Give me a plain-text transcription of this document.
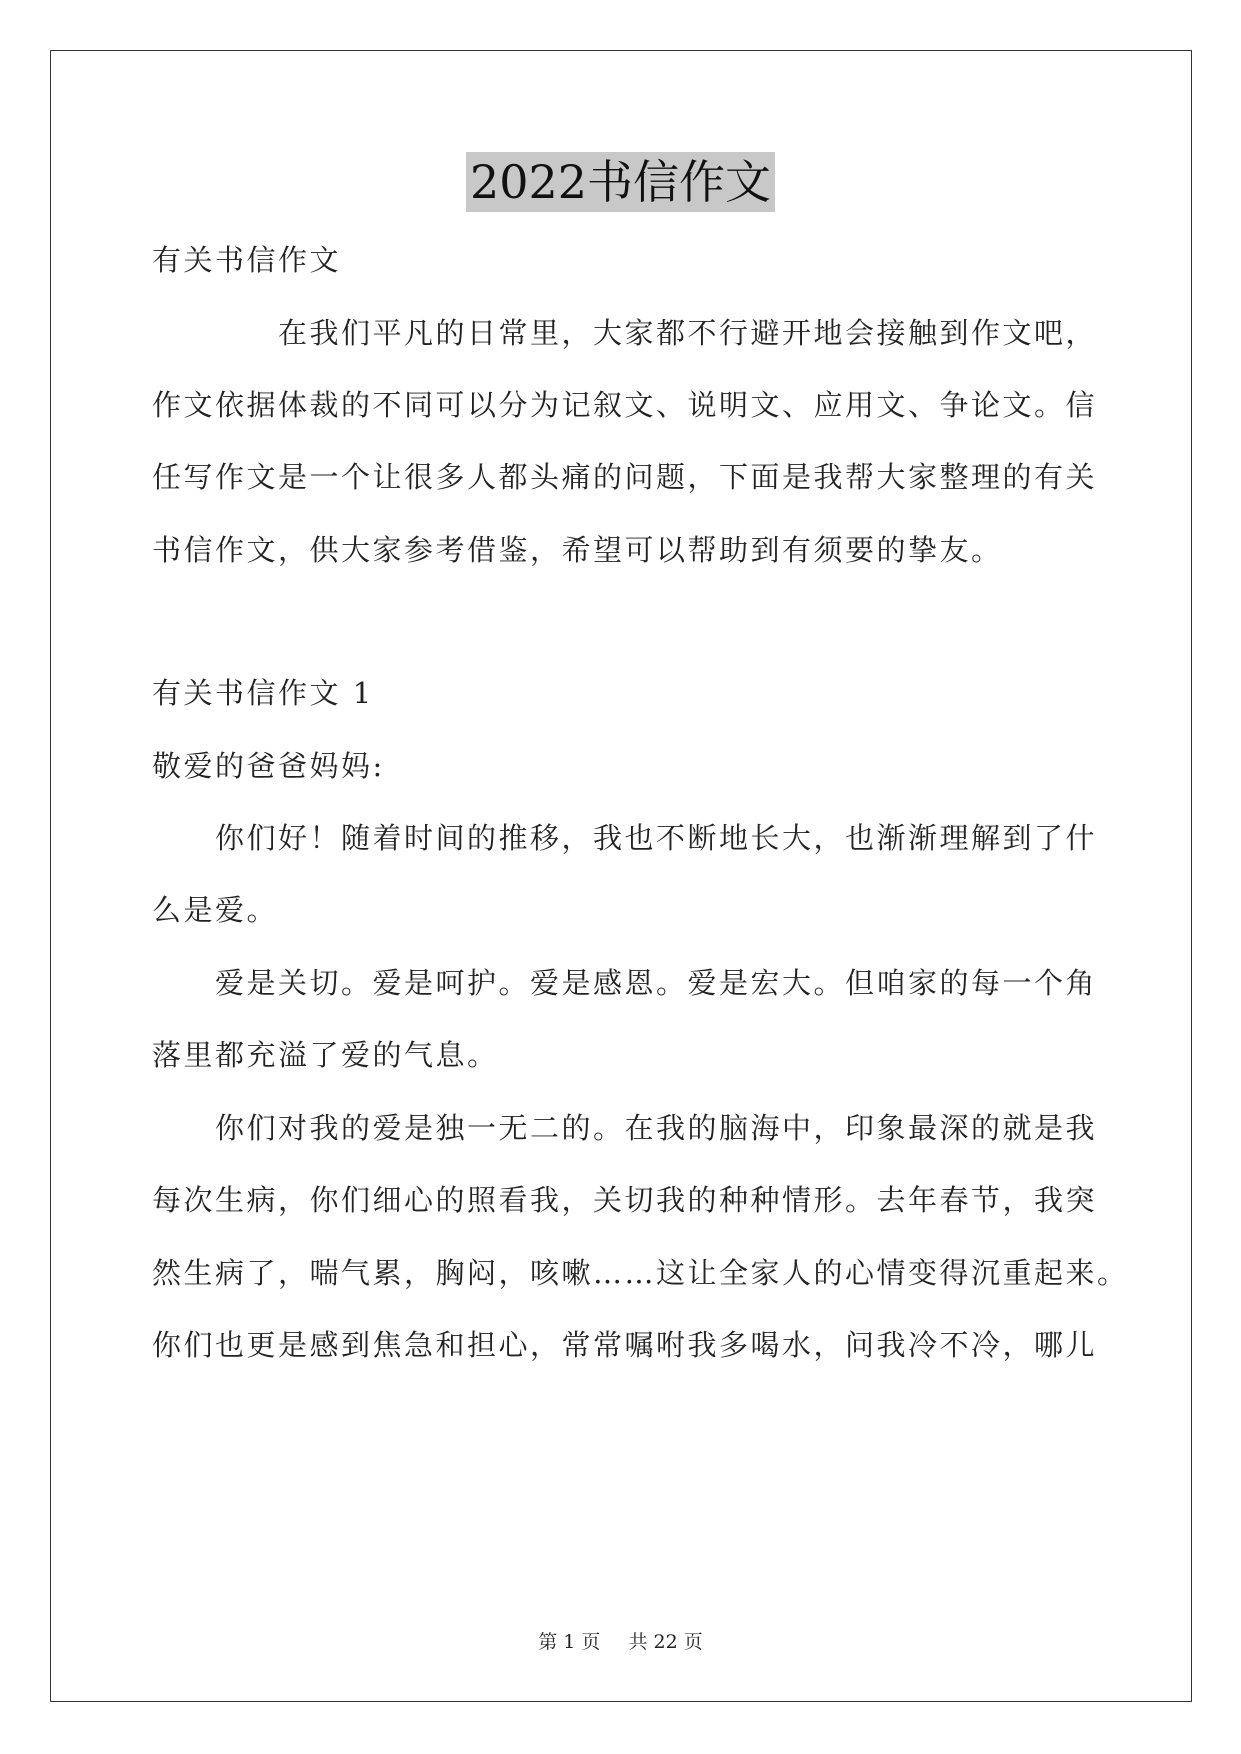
2022书信作文

有关书信作文

在我们平凡的日常里，大家都不行避开地会接触到作文吧，

作文依据体裁的不同可以分为记叙文、说明文、应用文、争论文。信

任写作文是一个让很多人都头痛的问题，下面是我帮大家整理的有关

书信作文，供大家参考借鉴，希望可以帮助到有须要的挚友。

有关书信作文 1

敬爱的爸爸妈妈:

你们好！随着时间的推移，我也不断地长大，也渐渐理解到了什

么是爱。

爱是关切。爱是呵护。爱是感恩。爱是宏大。但咱家的每一个角

落里都充溢了爱的气息。

你们对我的爱是独一无二的。在我的脑海中，印象最深的就是我

每次生病，你们细心的照看我，关切我的种种情形。去年春节，我突

然生病了，喘气累，胸闷，咳嗽……这让全家人的心情变得沉重起来。

你们也更是感到焦急和担心，常常嘱咐我多喝水，问我冷不冷，哪儿

第 1 页 共 22 页
